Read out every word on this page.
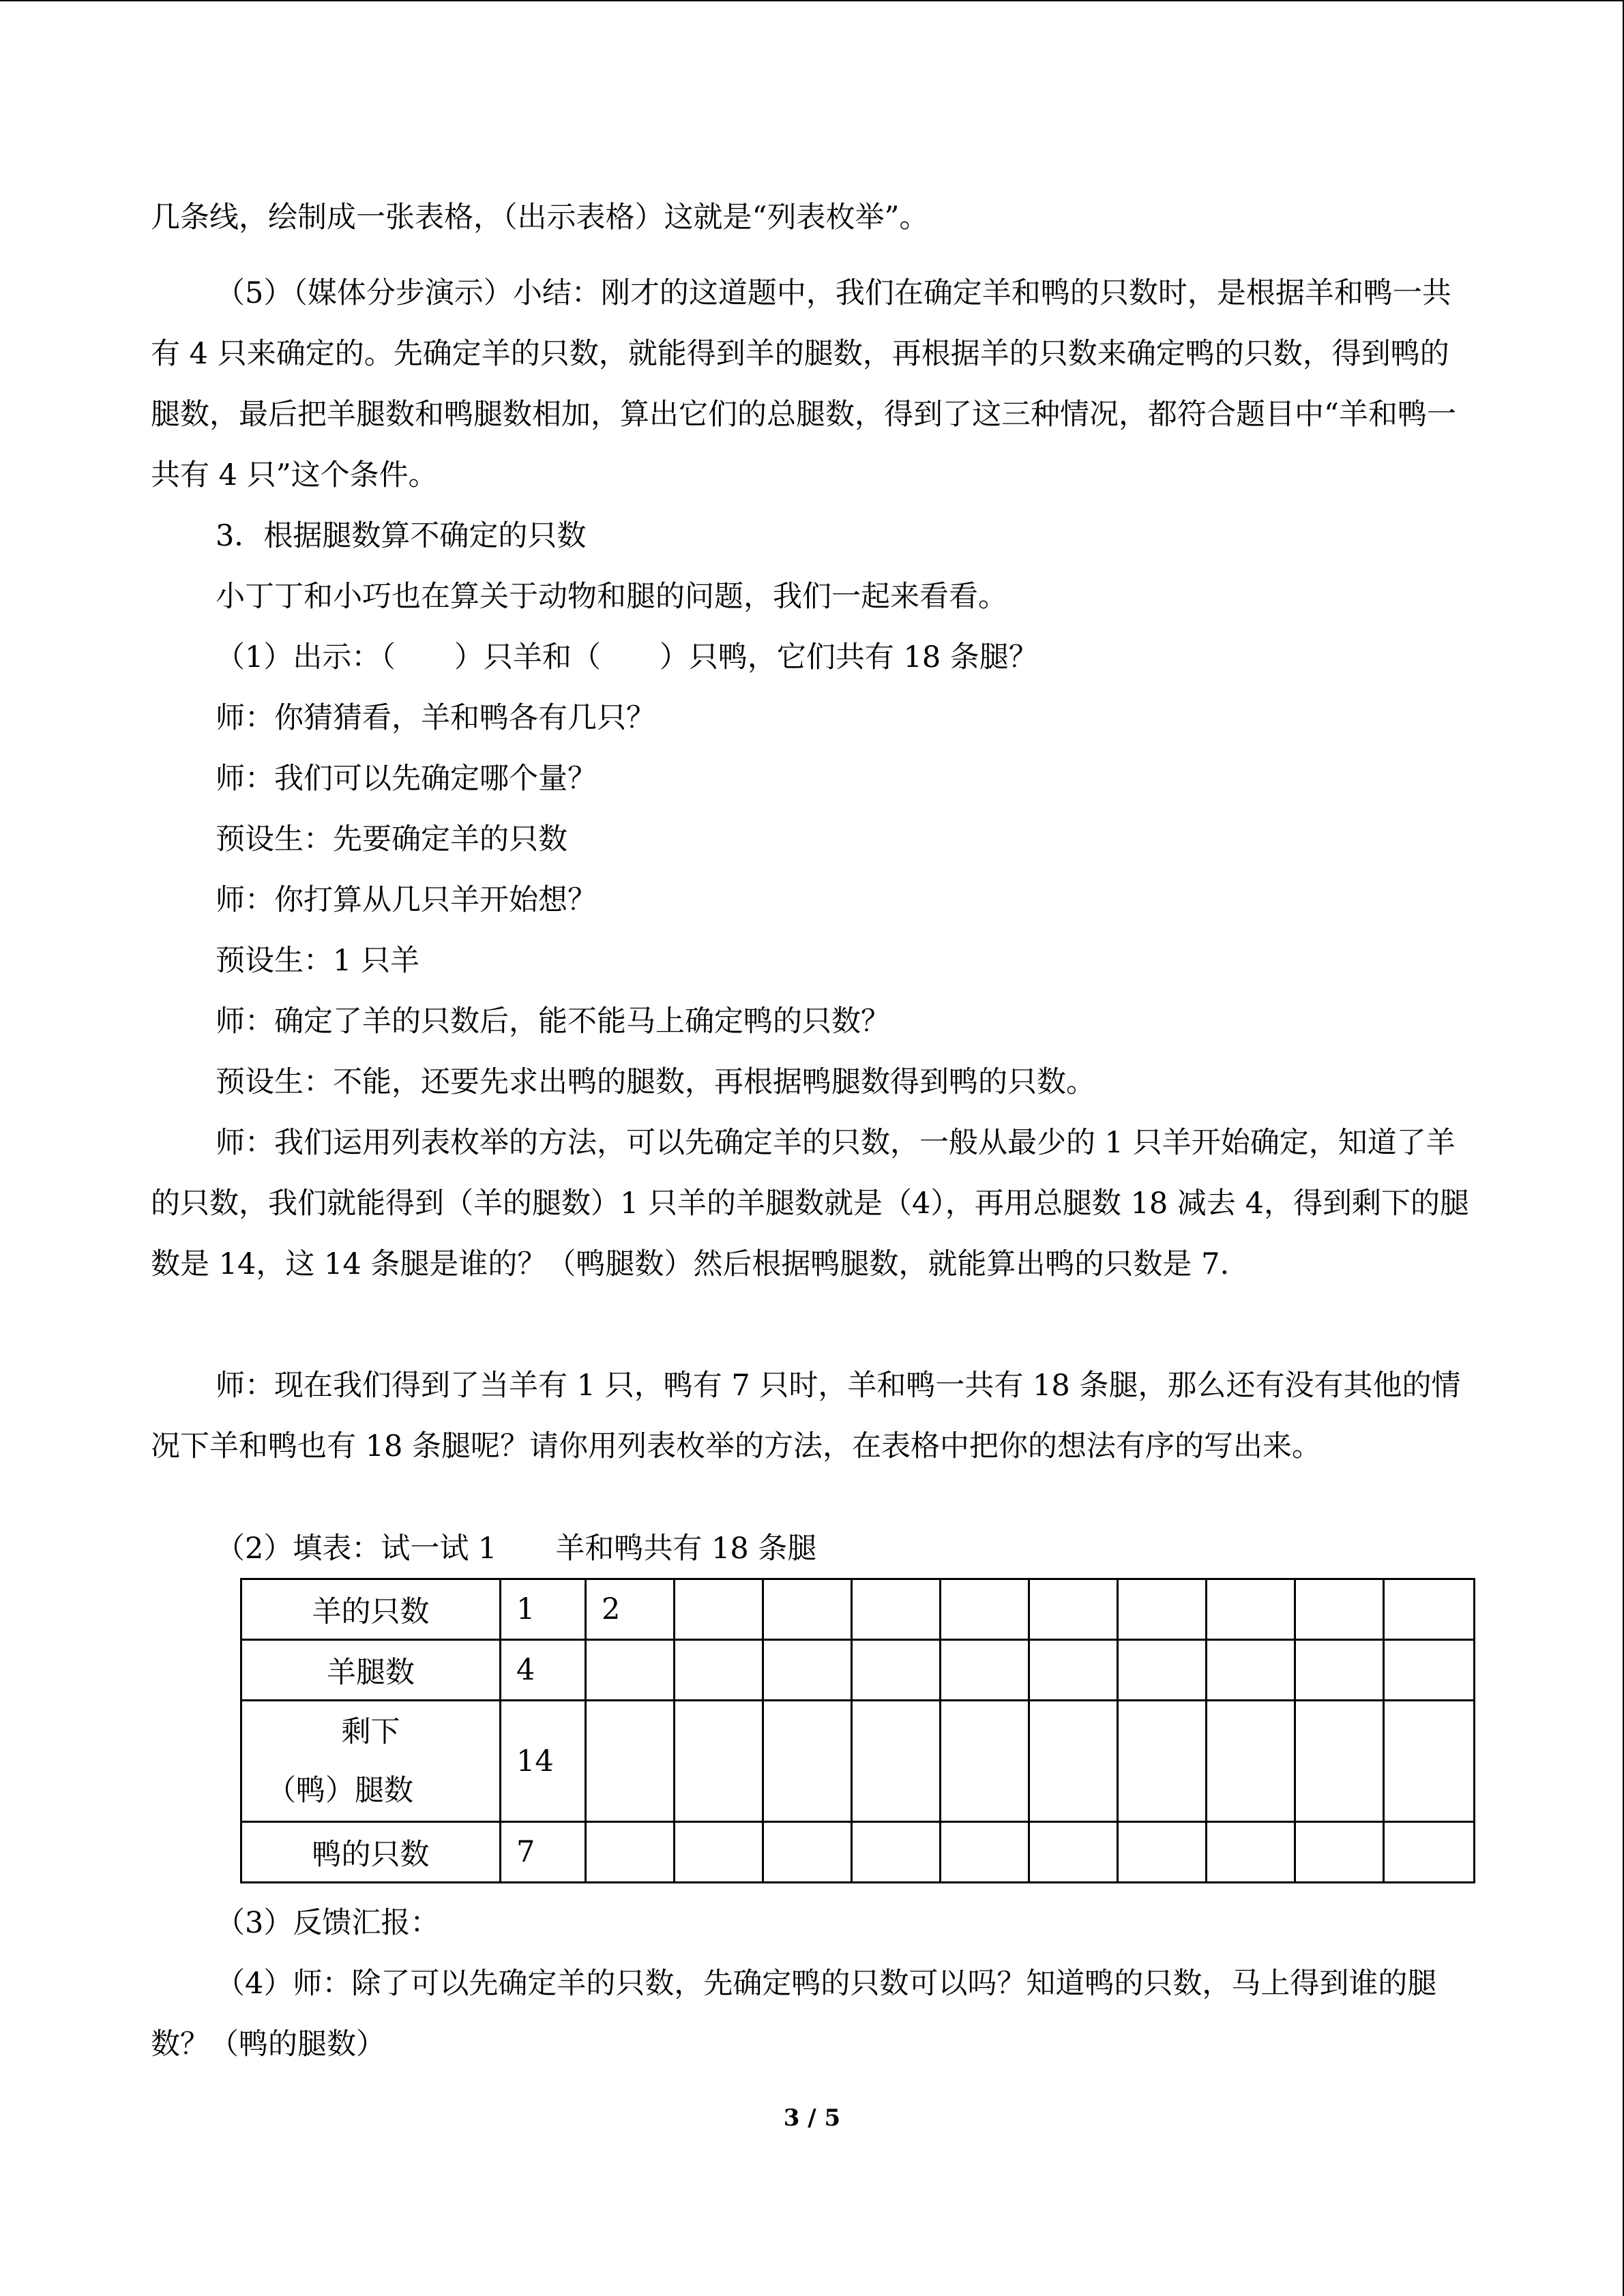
几条线，绘制成一张表格，（出示表格）这就是“列表枚举”。

（5）（媒体分步演示）小结：刚才的这道题中，我们在确定羊和鸭的只数时，是根据羊和鸭一共有 4 只来确定的。先确定羊的只数，就能得到羊的腿数，再根据羊的只数来确定鸭的只数，得到鸭的腿数，最后把羊腿数和鸭腿数相加，算出它们的总腿数，得到了这三种情况，都符合题目中“羊和鸭一共有 4 只”这个条件。

3．根据腿数算不确定的只数

小丁丁和小巧也在算关于动物和腿的问题，我们一起来看看。

（1）出示：（　　）只羊和（　　）只鸭，它们共有 18 条腿？

师：你猜猜看，羊和鸭各有几只？

师：我们可以先确定哪个量？

预设生：先要确定羊的只数

师：你打算从几只羊开始想？

预设生：1 只羊

师：确定了羊的只数后，能不能马上确定鸭的只数？

预设生：不能，还要先求出鸭的腿数，再根据鸭腿数得到鸭的只数。

师：我们运用列表枚举的方法，可以先确定羊的只数，一般从最少的 1 只羊开始确定，知道了羊的只数，我们就能得到（羊的腿数）1 只羊的羊腿数就是（4），再用总腿数 18 减去 4，得到剩下的腿数是 14，这 14 条腿是谁的？（鸭腿数）然后根据鸭腿数，就能算出鸭的只数是 7.

师：现在我们得到了当羊有 1 只，鸭有 7 只时，羊和鸭一共有 18 条腿，那么还有没有其他的情况下羊和鸭也有 18 条腿呢？请你用列表枚举的方法，在表格中把你的想法有序的写出来。

（2）填表：试一试 1　　羊和鸭共有 18 条腿

羊的只数	1	2									
羊腿数	4										

剩下
（鸭）腿数	14										
鸭的只数	7										

（3）反馈汇报：

（4）师：除了可以先确定羊的只数，先确定鸭的只数可以吗？知道鸭的只数，马上得到谁的腿数？（鸭的腿数）

3 / 5
